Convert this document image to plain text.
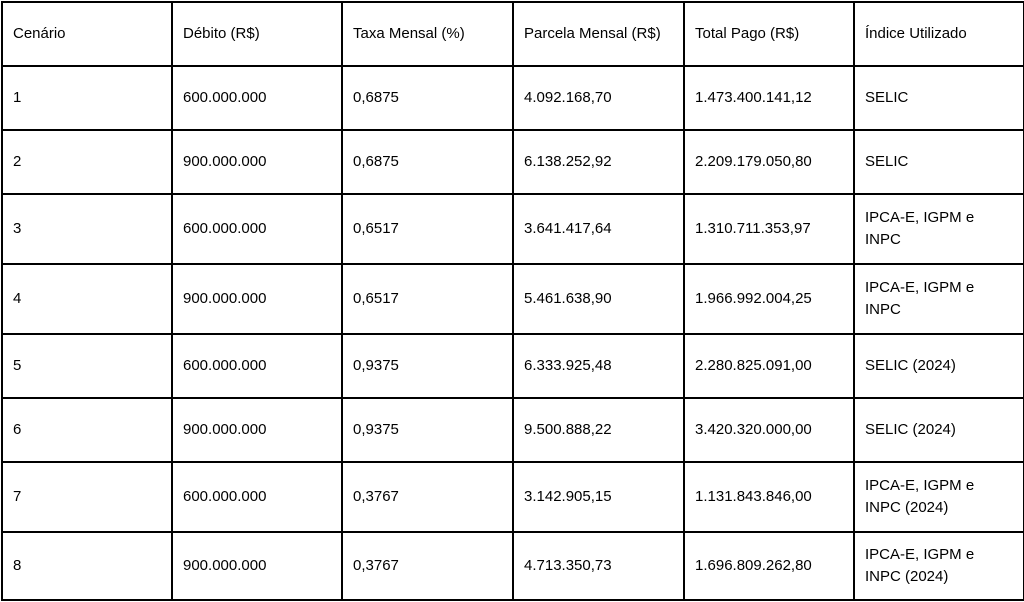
Cenário	Débito (R$)	Taxa Mensal (%)	Parcela Mensal (R$)	Total Pago (R$)	Índice Utilizado
1	600.000.000	0,6875	4.092.168,70	1.473.400.141,12	SELIC
2	900.000.000	0,6875	6.138.252,92	2.209.179.050,80	SELIC
3	600.000.000	0,6517	3.641.417,64	1.310.711.353,97	IPCA-E, IGPM e INPC
4	900.000.000	0,6517	5.461.638,90	1.966.992.004,25	IPCA-E, IGPM e INPC
5	600.000.000	0,9375	6.333.925,48	2.280.825.091,00	SELIC (2024)
6	900.000.000	0,9375	9.500.888,22	3.420.320.000,00	SELIC (2024)
7	600.000.000	0,3767	3.142.905,15	1.131.843.846,00	IPCA-E, IGPM e INPC (2024)
8	900.000.000	0,3767	4.713.350,73	1.696.809.262,80	IPCA-E, IGPM e INPC (2024)
